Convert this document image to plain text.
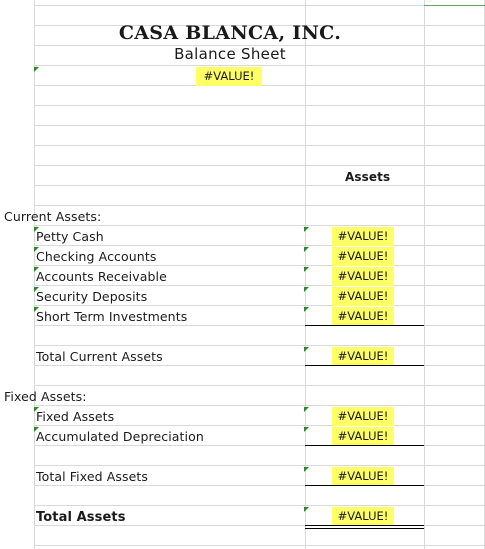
CASA BLANCA, INC.
Balance Sheet
#VALUE!
Assets
Current Assets:
Petty Cash	#VALUE!
Checking Accounts	#VALUE!
Accounts Receivable	#VALUE!
Security Deposits	#VALUE!
Short Term Investments	#VALUE!
Total Current Assets	#VALUE!
Fixed Assets:
Fixed Assets	#VALUE!
Accumulated Depreciation	#VALUE!
Total Fixed Assets	#VALUE!
Total Assets	#VALUE!
